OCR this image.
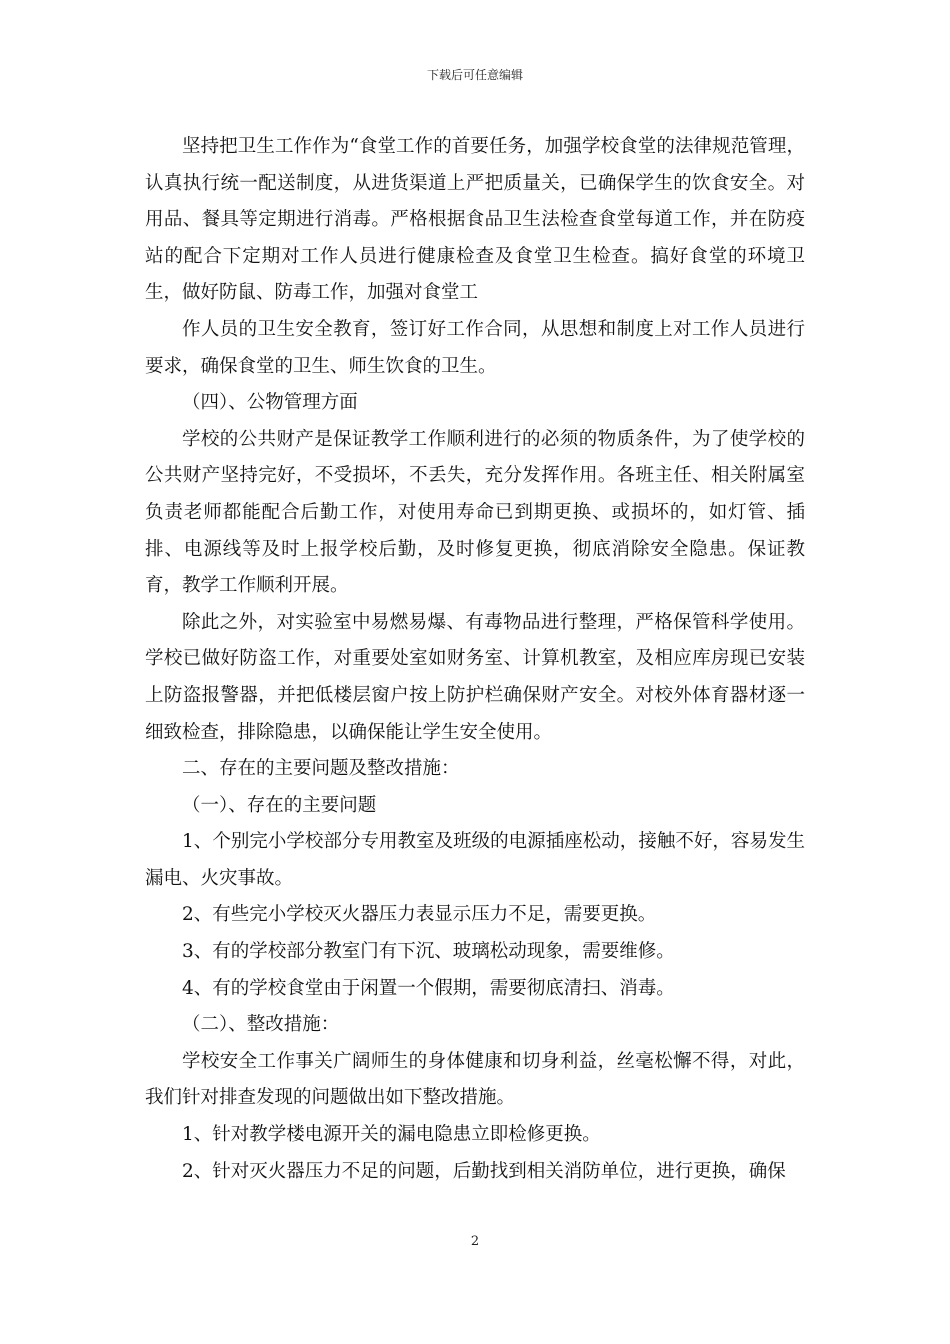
下载后可任意编辑

坚持把卫生工作作为“食堂工作的首要任务，加强学校食堂的法律规范管理，认真执行统一配送制度，从进货渠道上严把质量关，已确保学生的饮食安全。对用品、餐具等定期进行消毒。严格根据食品卫生法检查食堂每道工作，并在防疫站的配合下定期对工作人员进行健康检查及食堂卫生检查。搞好食堂的环境卫生，做好防鼠、防毒工作，加强对食堂工

作人员的卫生安全教育，签订好工作合同，从思想和制度上对工作人员进行要求，确保食堂的卫生、师生饮食的卫生。

（四）、公物管理方面

学校的公共财产是保证教学工作顺利进行的必须的物质条件，为了使学校的公共财产坚持完好，不受损坏，不丢失，充分发挥作用。各班主任、相关附属室负责老师都能配合后勤工作，对使用寿命已到期更换、或损坏的，如灯管、插排、电源线等及时上报学校后勤，及时修复更换，彻底消除安全隐患。保证教育，教学工作顺利开展。

除此之外，对实验室中易燃易爆、有毒物品进行整理，严格保管科学使用。学校已做好防盗工作，对重要处室如财务室、计算机教室，及相应库房现已安装上防盗报警器，并把低楼层窗户按上防护栏确保财产安全。对校外体育器材逐一细致检查，排除隐患，以确保能让学生安全使用。

二、存在的主要问题及整改措施：

（一）、存在的主要问题

1、个别完小学校部分专用教室及班级的电源插座松动，接触不好，容易发生漏电、火灾事故。

2、有些完小学校灭火器压力表显示压力不足，需要更换。

3、有的学校部分教室门有下沉、玻璃松动现象，需要维修。

4、有的学校食堂由于闲置一个假期，需要彻底清扫、消毒。

（二）、整改措施：

学校安全工作事关广阔师生的身体健康和切身利益，丝毫松懈不得，对此，我们针对排查发现的问题做出如下整改措施。

1、针对教学楼电源开关的漏电隐患立即检修更换。

2、针对灭火器压力不足的问题，后勤找到相关消防单位，进行更换，确保

2
